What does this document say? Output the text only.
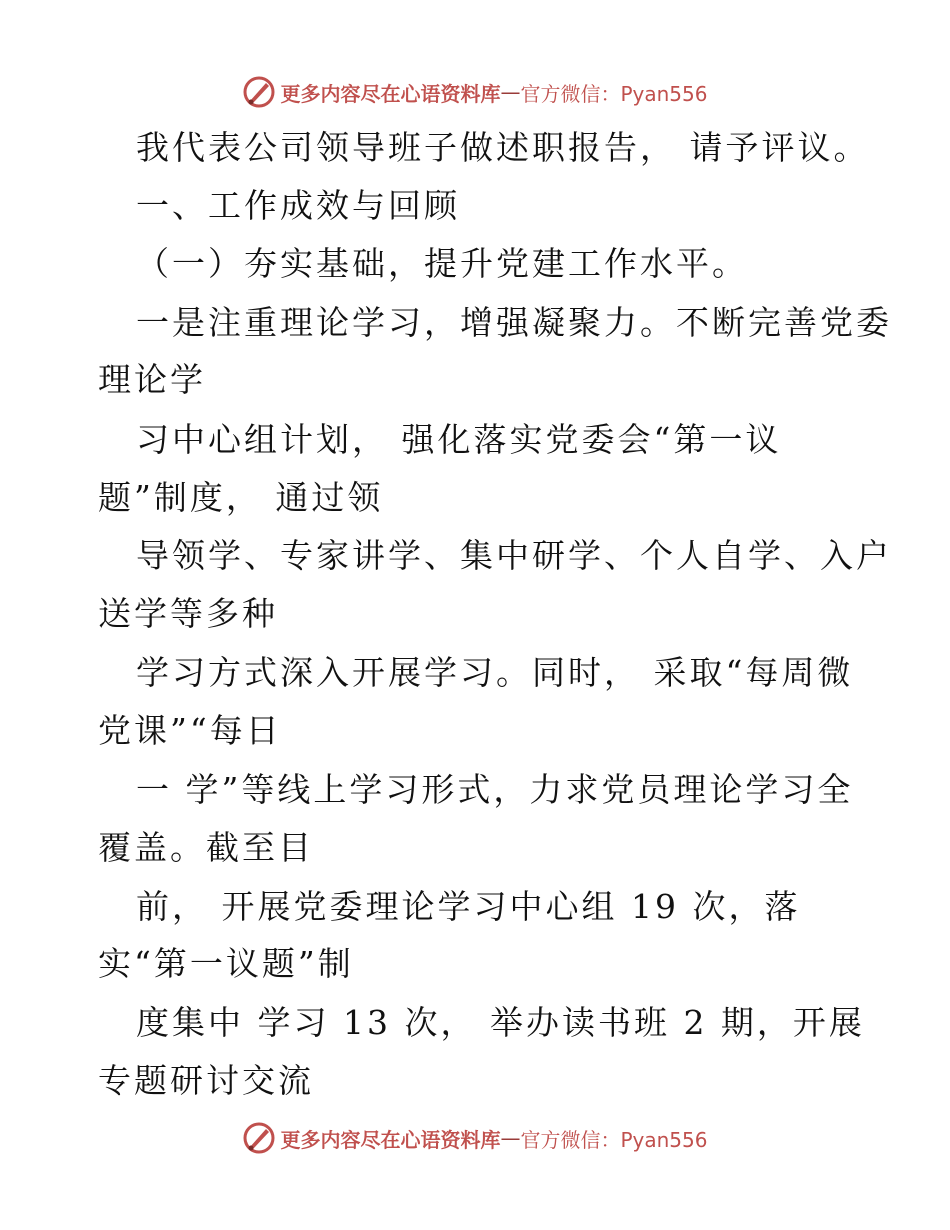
更多内容尽在心语资料库 — 官方微信：Pyan556
我代表公司领导班子做述职报告， 请予评议。
一、工作成效与回顾
（一）夯实基础，提升党建工作水平。
一是注重理论学习，增强凝聚力。不断完善党委
理论学
习中心组计划， 强化落实党委会“第一议
题”制度， 通过领
导领学、专家讲学、集中研学、个人自学、入户
送学等多种
学习方式深入开展学习。同时， 采取“每周微
党课”“每日
一 学”等线上学习形式，力求党员理论学习全
覆盖。截至目
前， 开展党委理论学习中心组 19 次，落
实“第一议题”制
度集中 学习 13 次， 举办读书班 2 期，开展
专题研讨交流
更多内容尽在心语资料库 — 官方微信：Pyan556
